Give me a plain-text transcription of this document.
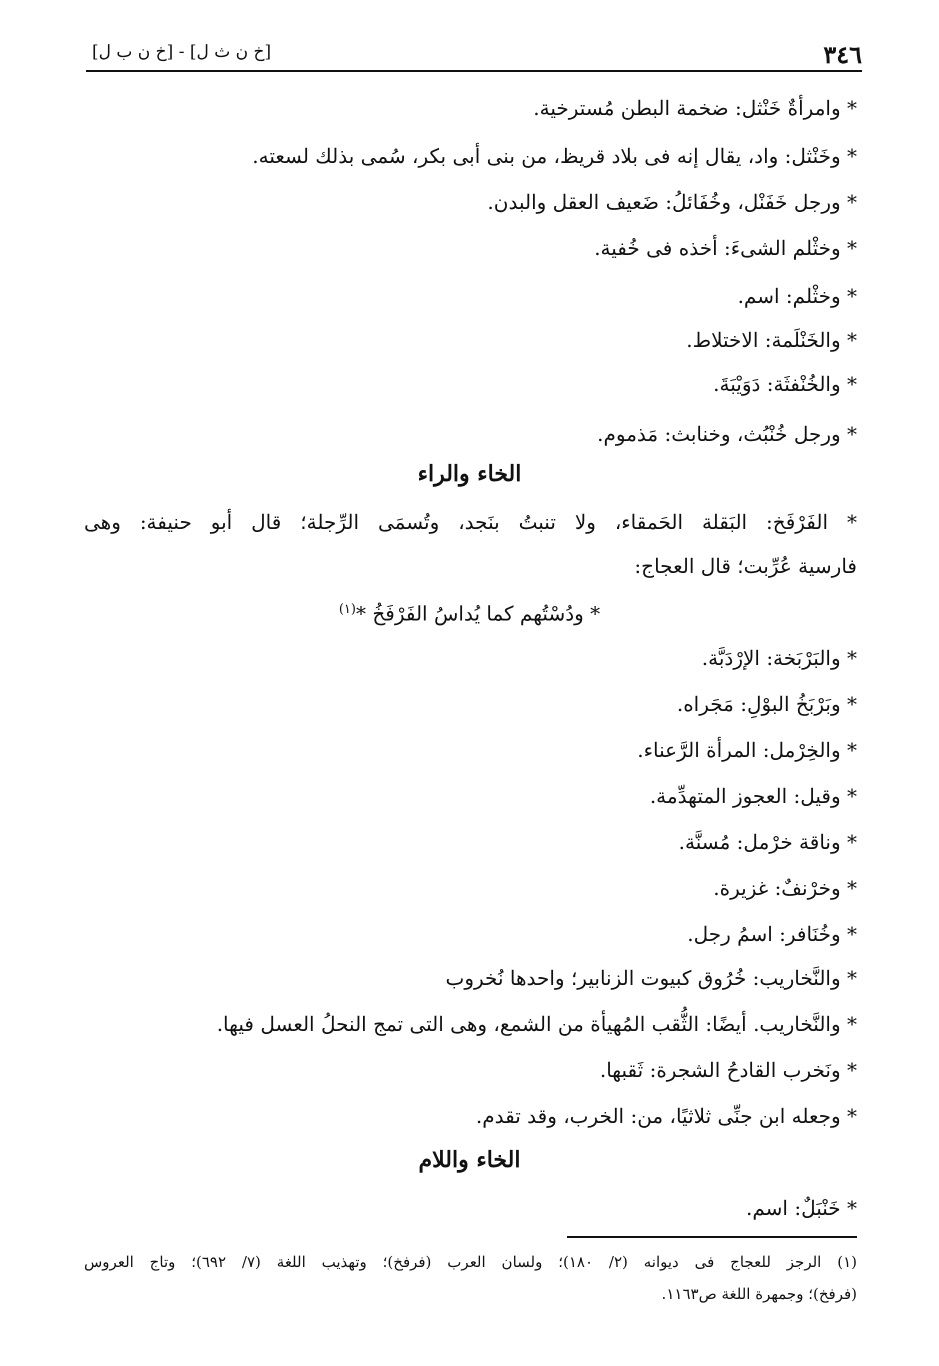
٣٤٦
[خ ن ث ل] - [خ ن ب ل]
* وامرأةٌ خَنْثل: ضخمة البطن مُسترخية.
* وخَنْثل: واد، يقال إنه فى بلاد قريظ، من بنى أبى بكر، سُمى بذلك لسعته.
* ورجل خَفَنْل، وخُفَائلُ: ضَعيف العقل والبدن.
* وخثْلم الشىءَ: أخذه فى خُفية.
* وخثْلم: اسم.
* والخَنْلَمة: الاختلاط.
* والخُنْفثَة: دَوَيْبَةَ.
* ورجل خُنْبُث، وخنابث: مَذموم.
الخاء والراء
* الفَرْفَخ: البَقلة الحَمقاء، ولا تنبتُ بنَجد، وتُسمَى الرِّجلة؛ قال أبو حنيفة: وهى
فارسية عُرِّبت؛ قال العجاج:
* ودُسْتُهم كما يُداسُ الفَرْفَخُ *$^{(١)}$
* والبَرْبَخة: الإرْدَبَّة.
* وبَرْبَخُ البوْلِ: مَجَراه.
* والخِرْمل: المرأة الرَّعناء.
* وقيل: العجوز المتهدِّمة.
* وناقة خرْمل: مُسنَّة.
* وخرْنفٌ: غزيرة.
* وخُنَافر: اسمُ رجل.
* والنَّخاريب: خُرُوق كبيوت الزنابير؛ واحدها نُخروب
* والنَّخاريب. أيضًا: الثُّقب المُهيأة من الشمع، وهى التى تمج النحلُ العسل فيها.
* ونَخرب القادحُ الشجرة: ثَقبها.
* وجعله ابن جنِّى ثلاثيًا، من: الخرب، وقد تقدم.
الخاء واللام
* خَنْبَلٌ: اسم.
(١) الرجز للعجاج فى ديوانه (٢/ ١٨٠)؛ ولسان العرب (فرفخ)؛ وتهذيب اللغة (٧/ ٦٩٢)؛ وتاج العروس
(فرفخ)؛ وجمهرة اللغة ص١١٦٣.
